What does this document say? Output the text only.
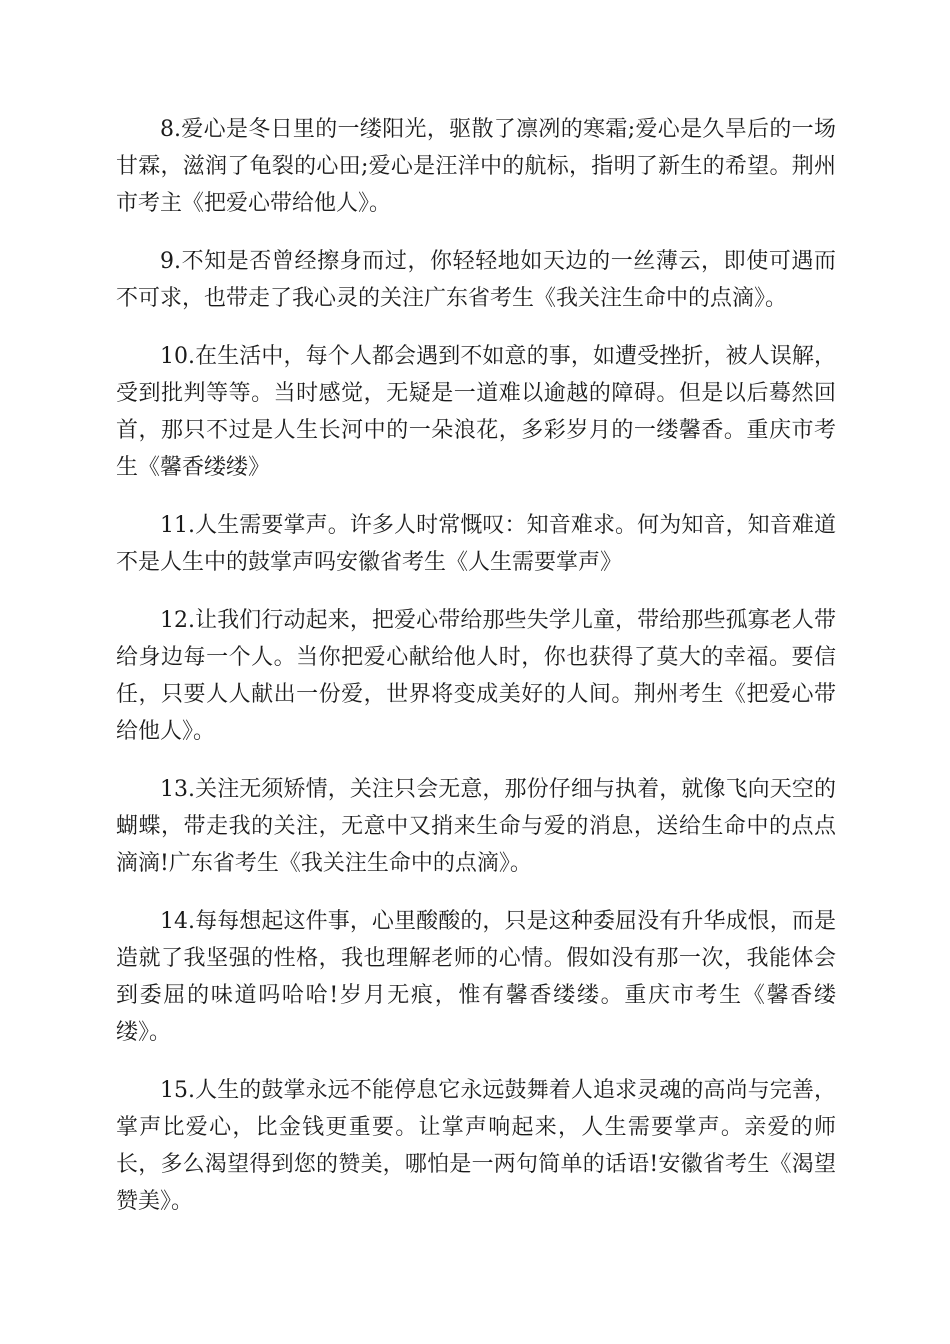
8.爱心是冬日里的一缕阳光，驱散了凛冽的寒霜;爱心是久旱后的一场甘霖，滋润了龟裂的心田;爱心是汪洋中的航标，指明了新生的希望。荆州市考主《把爱心带给他人》。

9.不知是否曾经擦身而过，你轻轻地如天边的一丝薄云，即使可遇而不可求，也带走了我心灵的关注广东省考生《我关注生命中的点滴》。

10.在生活中，每个人都会遇到不如意的事，如遭受挫折，被人误解，受到批判等等。当时感觉，无疑是一道难以逾越的障碍。但是以后蓦然回首，那只不过是人生长河中的一朵浪花，多彩岁月的一缕馨香。重庆市考生《馨香缕缕》

11.人生需要掌声。许多人时常慨叹：知音难求。何为知音，知音难道不是人生中的鼓掌声吗安徽省考生《人生需要掌声》

12.让我们行动起来，把爱心带给那些失学儿童，带给那些孤寡老人带给身边每一个人。当你把爱心献给他人时，你也获得了莫大的幸福。要信任，只要人人献出一份爱，世界将变成美好的人间。荆州考生《把爱心带给他人》。

13.关注无须矫情，关注只会无意，那份仔细与执着，就像飞向天空的蝴蝶，带走我的关注，无意中又捎来生命与爱的消息，送给生命中的点点滴滴!广东省考生《我关注生命中的点滴》。

14.每每想起这件事，心里酸酸的，只是这种委屈没有升华成恨，而是造就了我坚强的性格，我也理解老师的心情。假如没有那一次，我能体会到委屈的味道吗哈哈!岁月无痕，惟有馨香缕缕。重庆市考生《馨香缕缕》。

15.人生的鼓掌永远不能停息它永远鼓舞着人追求灵魂的高尚与完善，掌声比爱心，比金钱更重要。让掌声响起来，人生需要掌声。亲爱的师长，多么渴望得到您的赞美，哪怕是一两句简单的话语!安徽省考生《渴望赞美》。
